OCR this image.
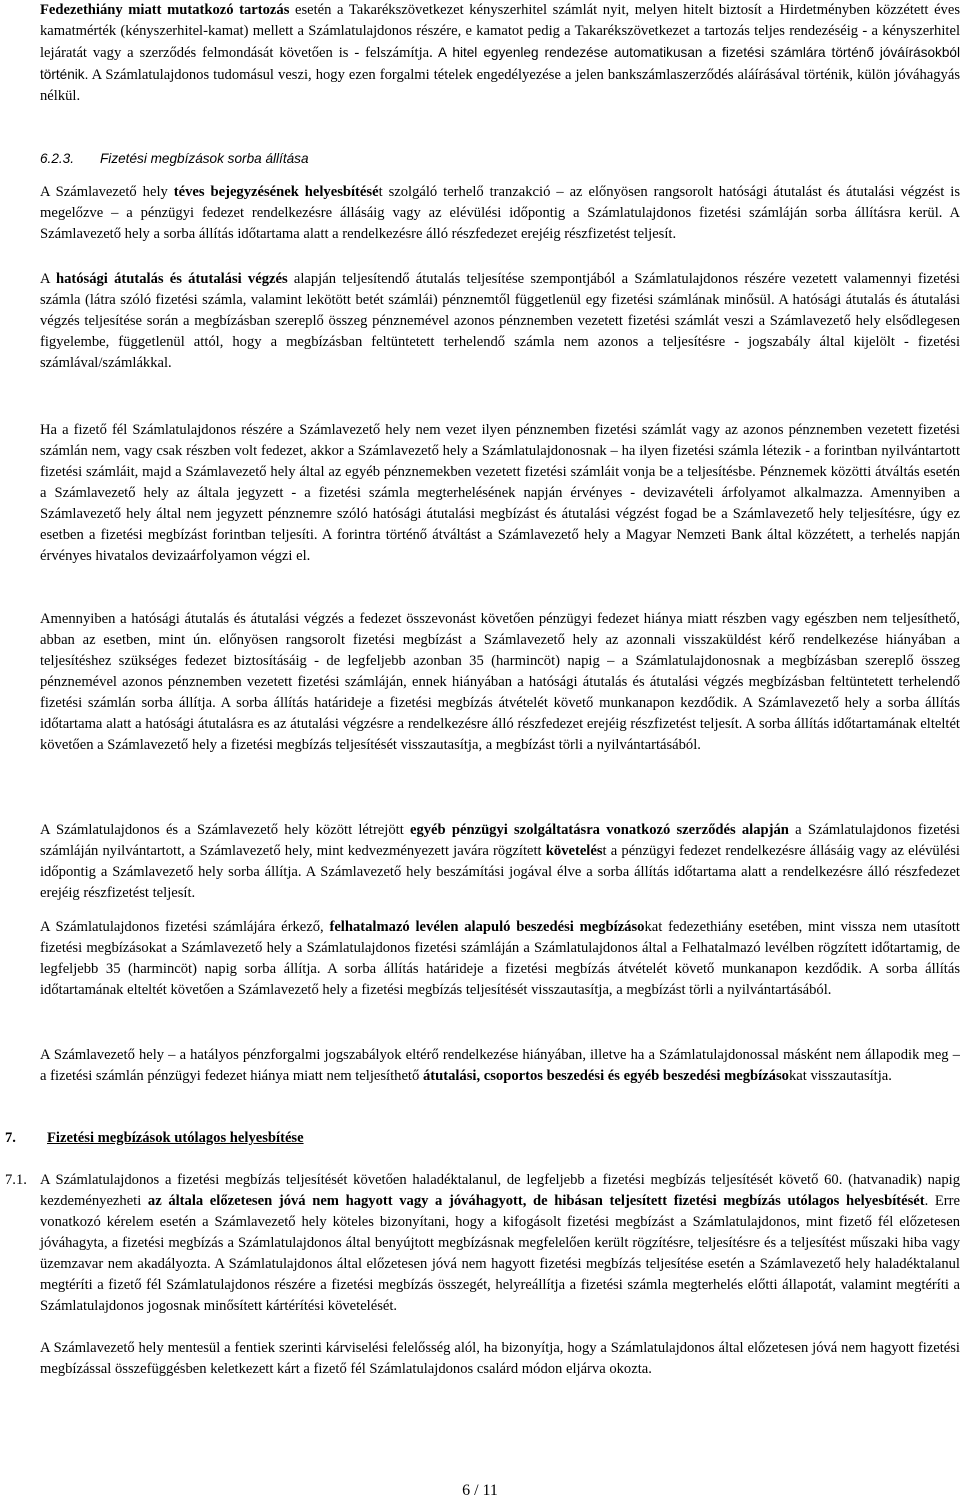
Fedezethiány miatt mutatkozó tartozás esetén a Takarékszövetkezet kényszerhitel számlát nyit, melyen hitelt biztosít a Hirdetményben közzétett éves kamatmérték (kényszerhitel-kamat) mellett a Számlatulajdonos részére, e kamatot pedig a Takarékszövetkezet a tartozás teljes rendezéséig - a kényszerhitel lejáratát vagy a szerződés felmondását követően is - felszámítja. A hitel egyenleg rendezése automatikusan a fizetési számlára történő jóváírásokból történik. A Számlatulajdonos tudomásul veszi, hogy ezen forgalmi tételek engedélyezése a jelen bankszámlaszerződés aláírásával történik, külön jóváhagyás nélkül.

6.2.3. Fizetési megbízások sorba állítása

A Számlavezető hely téves bejegyzésének helyesbítését szolgáló terhelő tranzakció – az előnyösen rangsorolt hatósági átutalást és átutalási végzést is megelőzve – a pénzügyi fedezet rendelkezésre állásáig vagy az elévülési időpontig a Számlatulajdonos fizetési számláján sorba állításra kerül. A Számlavezető hely a sorba állítás időtartama alatt a rendelkezésre álló részfedezet erejéig részfizetést teljesít.

A hatósági átutalás és átutalási végzés alapján teljesítendő átutalás teljesítése szempontjából a Számlatulajdonos részére vezetett valamennyi fizetési számla (látra szóló fizetési számla, valamint lekötött betét számlái) pénznemtől függetlenül egy fizetési számlának minősül. A hatósági átutalás és átutalási végzés teljesítése során a megbízásban szereplő összeg pénznemével azonos pénznemben vezetett fizetési számlát veszi a Számlavezető hely elsődlegesen figyelembe, függetlenül attól, hogy a megbízásban feltüntetett terhelendő számla nem azonos a teljesítésre - jogszabály által kijelölt - fizetési számlával/számlákkal.

Ha a fizető fél Számlatulajdonos részére a Számlavezető hely nem vezet ilyen pénznemben fizetési számlát vagy az azonos pénznemben vezetett fizetési számlán nem, vagy csak részben volt fedezet, akkor a Számlavezető hely a Számlatulajdonosnak – ha ilyen fizetési számla létezik - a forintban nyilvántartott fizetési számláit, majd a Számlavezető hely által az egyéb pénznemekben vezetett fizetési számláit vonja be a teljesítésbe. Pénznemek közötti átváltás esetén a Számlavezető hely az általa jegyzett - a fizetési számla megterhelésének napján érvényes - devizavételi árfolyamot alkalmazza. Amennyiben a Számlavezető hely által nem jegyzett pénznemre szóló hatósági átutalási megbízást és átutalási végzést fogad be a Számlavezető hely teljesítésre, úgy ez esetben a fizetési megbízást forintban teljesíti. A forintra történő átváltást a Számlavezető hely a Magyar Nemzeti Bank által közzétett, a terhelés napján érvényes hivatalos devizaárfolyamon végzi el.

Amennyiben a hatósági átutalás és átutalási végzés a fedezet összevonást követően pénzügyi fedezet hiánya miatt részben vagy egészben nem teljesíthető, abban az esetben, mint ún. előnyösen rangsorolt fizetési megbízást a Számlavezető hely az azonnali visszaküldést kérő rendelkezése hiányában a teljesítéshez szükséges fedezet biztosításáig - de legfeljebb azonban 35 (harmincöt) napig – a Számlatulajdonosnak a megbízásban szereplő összeg pénznemével azonos pénznemben vezetett fizetési számláján, ennek hiányában a hatósági átutalás és átutalási végzés megbízásban feltüntetett terhelendő fizetési számlán sorba állítja. A sorba állítás határideje a fizetési megbízás átvételét követő munkanapon kezdődik. A Számlavezető hely a sorba állítás időtartama alatt a hatósági átutalásra es az átutalási végzésre a rendelkezésre álló részfedezet erejéig részfizetést teljesít. A sorba állítás időtartamának elteltét követően a Számlavezető hely a fizetési megbízás teljesítését visszautasítja, a megbízást törli a nyilvántartásából.

A Számlatulajdonos és a Számlavezető hely között létrejött egyéb pénzügyi szolgáltatásra vonatkozó szerződés alapján a Számlatulajdonos fizetési számláján nyilvántartott, a Számlavezető hely, mint kedvezményezett javára rögzített követelést a pénzügyi fedezet rendelkezésre állásáig vagy az elévülési időpontig a Számlavezető hely sorba állítja. A Számlavezető hely beszámítási jogával élve a sorba állítás időtartama alatt a rendelkezésre álló részfedezet erejéig részfizetést teljesít.

A Számlatulajdonos fizetési számlájára érkező, felhatalmazó levélen alapuló beszedési megbízásokat fedezethiány esetében, mint vissza nem utasított fizetési megbízásokat a Számlavezető hely a Számlatulajdonos fizetési számláján a Számlatulajdonos által a Felhatalmazó levélben rögzített időtartamig, de legfeljebb 35 (harmincöt) napig sorba állítja. A sorba állítás határideje a fizetési megbízás átvételét követő munkanapon kezdődik. A sorba állítás időtartamának elteltét követően a Számlavezető hely a fizetési megbízás teljesítését visszautasítja, a megbízást törli a nyilvántartásából.

A Számlavezető hely – a hatályos pénzforgalmi jogszabályok eltérő rendelkezése hiányában, illetve ha a Számlatulajdonossal másként nem állapodik meg – a fizetési számlán pénzügyi fedezet hiánya miatt nem teljesíthető átutalási, csoportos beszedési és egyéb beszedési megbízásokat visszautasítja.

7. Fizetési megbízások utólagos helyesbítése

7.1. A Számlatulajdonos a fizetési megbízás teljesítését követően haladéktalanul, de legfeljebb a fizetési megbízás teljesítését követő 60. (hatvanadik) napig kezdeményezheti az általa előzetesen jóvá nem hagyott vagy a jóváhagyott, de hibásan teljesített fizetési megbízás utólagos helyesbítését. Erre vonatkozó kérelem esetén a Számlavezető hely köteles bizonyítani, hogy a kifogásolt fizetési megbízást a Számlatulajdonos, mint fizető fél előzetesen jóváhagyta, a fizetési megbízás a Számlatulajdonos által benyújtott megbízásnak megfelelően került rögzítésre, teljesítésre és a teljesítést műszaki hiba vagy üzemzavar nem akadályozta. A Számlatulajdonos által előzetesen jóvá nem hagyott fizetési megbízás teljesítése esetén a Számlavezető hely haladéktalanul megtéríti a fizető fél Számlatulajdonos részére a fizetési megbízás összegét, helyreállítja a fizetési számla megterhelés előtti állapotát, valamint megtéríti a Számlatulajdonos jogosnak minősített kártérítési követelését.

A Számlavezető hely mentesül a fentiek szerinti kárviselési felelősség alól, ha bizonyítja, hogy a Számlatulajdonos által előzetesen jóvá nem hagyott fizetési megbízással összefüggésben keletkezett kárt a fizető fél Számlatulajdonos csalárd módon eljárva okozta.

6 / 11
